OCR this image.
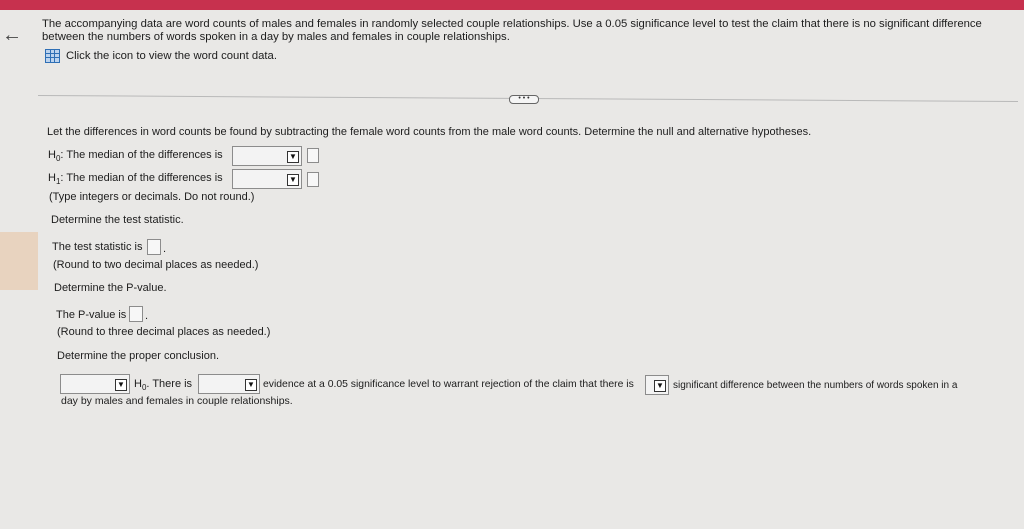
← The accompanying data are word counts of males and females in randomly selected couple relationships. Use a 0.05 significance level to test the claim that there is no significant difference between the numbers of words spoken in a day by males and females in couple relationships.
Click the icon to view the word count data.
• • •
Let the differences in word counts be found by subtracting the female word counts from the male word counts. Determine the null and alternative hypotheses.
$H_0$: The median of the differences is	▼
$H_1$: The median of the differences is	▼
(Type integers or decimals. Do not round.)
Determine the test statistic.
The test statistic is .
(Round to two decimal places as needed.)
Determine the P-value.
The P-value is .
(Round to three decimal places as needed.)
Determine the proper conclusion.
▼ $H_0$. There is	▼ evidence at a 0.05 significance level to warrant rejection of the claim that there is	▼ significant difference between the numbers of words spoken in a
day by males and females in couple relationships.
